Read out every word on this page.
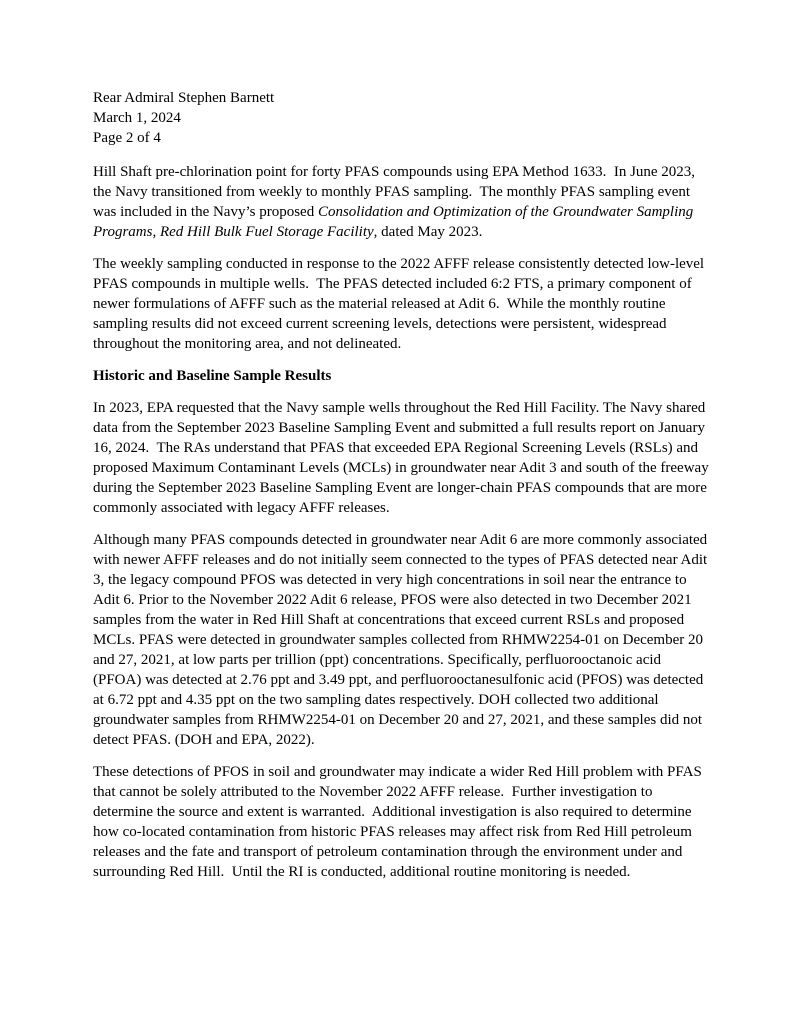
Rear Admiral Stephen Barnett
March 1, 2024
Page 2 of 4
Hill Shaft pre-chlorination point for forty PFAS compounds using EPA Method 1633.  In June 2023, the Navy transitioned from weekly to monthly PFAS sampling.  The monthly PFAS sampling event was included in the Navy’s proposed Consolidation and Optimization of the Groundwater Sampling Programs, Red Hill Bulk Fuel Storage Facility, dated May 2023.
The weekly sampling conducted in response to the 2022 AFFF release consistently detected low-level PFAS compounds in multiple wells.  The PFAS detected included 6:2 FTS, a primary component of newer formulations of AFFF such as the material released at Adit 6.  While the monthly routine sampling results did not exceed current screening levels, detections were persistent, widespread throughout the monitoring area, and not delineated.
Historic and Baseline Sample Results
In 2023, EPA requested that the Navy sample wells throughout the Red Hill Facility. The Navy shared data from the September 2023 Baseline Sampling Event and submitted a full results report on January 16, 2024.  The RAs understand that PFAS that exceeded EPA Regional Screening Levels (RSLs) and proposed Maximum Contaminant Levels (MCLs) in groundwater near Adit 3 and south of the freeway during the September 2023 Baseline Sampling Event are longer-chain PFAS compounds that are more commonly associated with legacy AFFF releases.
Although many PFAS compounds detected in groundwater near Adit 6 are more commonly associated with newer AFFF releases and do not initially seem connected to the types of PFAS detected near Adit 3, the legacy compound PFOS was detected in very high concentrations in soil near the entrance to Adit 6. Prior to the November 2022 Adit 6 release, PFOS were also detected in two December 2021 samples from the water in Red Hill Shaft at concentrations that exceed current RSLs and proposed MCLs. PFAS were detected in groundwater samples collected from RHMW2254-01 on December 20 and 27, 2021, at low parts per trillion (ppt) concentrations. Specifically, perfluorooctanoic acid (PFOA) was detected at 2.76 ppt and 3.49 ppt, and perfluorooctanesulfonic acid (PFOS) was detected at 6.72 ppt and 4.35 ppt on the two sampling dates respectively. DOH collected two additional groundwater samples from RHMW2254-01 on December 20 and 27, 2021, and these samples did not detect PFAS. (DOH and EPA, 2022).
These detections of PFOS in soil and groundwater may indicate a wider Red Hill problem with PFAS that cannot be solely attributed to the November 2022 AFFF release.  Further investigation to determine the source and extent is warranted.  Additional investigation is also required to determine how co-located contamination from historic PFAS releases may affect risk from Red Hill petroleum releases and the fate and transport of petroleum contamination through the environment under and surrounding Red Hill.  Until the RI is conducted, additional routine monitoring is needed.
